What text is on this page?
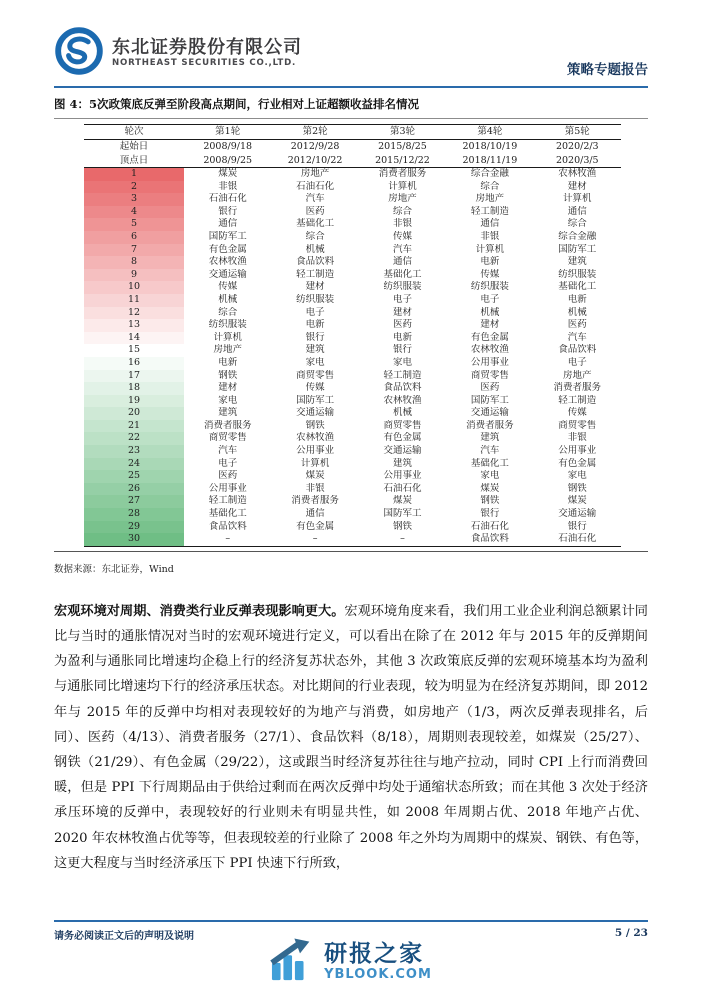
东北证券股份有限公司
NORTHEAST SECURITIES CO.,LTD.	策略专题报告
图 4：5次政策底反弹至阶段高点期间，行业相对上证超额收益排名情况
轮次	第1轮	第2轮	第3轮	第4轮	第5轮
起始日	2008/9/18	2012/9/28	2015/8/25	2018/10/19	2020/2/3
顶点日	2008/9/25	2012/10/22	2015/12/22	2018/11/19	2020/3/5
1	煤炭	房地产	消费者服务	综合金融	农林牧渔
2	非银	石油石化	计算机	综合	建材
3	石油石化	汽车	房地产	房地产	计算机
4	银行	医药	综合	轻工制造	通信
5	通信	基础化工	非银	通信	综合
6	国防军工	综合	传媒	非银	综合金融
7	有色金属	机械	汽车	计算机	国防军工
8	农林牧渔	食品饮料	通信	电新	建筑
9	交通运输	轻工制造	基础化工	传媒	纺织服装
10	传媒	建材	纺织服装	纺织服装	基础化工
11	机械	纺织服装	电子	电子	电新
12	综合	电子	建材	机械	机械
13	纺织服装	电新	医药	建材	医药
14	计算机	银行	电新	有色金属	汽车
15	房地产	建筑	银行	农林牧渔	食品饮料
16	电新	家电	家电	公用事业	电子
17	钢铁	商贸零售	轻工制造	商贸零售	房地产
18	建材	传媒	食品饮料	医药	消费者服务
19	家电	国防军工	农林牧渔	国防军工	轻工制造
20	建筑	交通运输	机械	交通运输	传媒
21	消费者服务	钢铁	商贸零售	消费者服务	商贸零售
22	商贸零售	农林牧渔	有色金属	建筑	非银
23	汽车	公用事业	交通运输	汽车	公用事业
24	电子	计算机	建筑	基础化工	有色金属
25	医药	煤炭	公用事业	家电	家电
26	公用事业	非银	石油石化	煤炭	钢铁
27	轻工制造	消费者服务	煤炭	钢铁	煤炭
28	基础化工	通信	国防军工	银行	交通运输
29	食品饮料	有色金属	钢铁	石油石化	银行
30	–	–	–	食品饮料	石油石化
数据来源：东北证券，Wind

宏观环境对周期、消费类行业反弹表现影响更大。宏观环境角度来看，我们用工业企业利润总额累计同比与当时的通胀情况对当时的宏观环境进行定义，可以看出在除了在 2012 年与 2015 年的反弹期间为盈利与通胀同比增速均企稳上行的经济复苏状态外，其他 3 次政策底反弹的宏观环境基本均为盈利与通胀同比增速均下行的经济承压状态。对比期间的行业表现，较为明显为在经济复苏期间，即 2012 年与 2015 年的反弹中均相对表现较好的为地产与消费，如房地产（1/3，两次反弹表现排名，后同）、医药（4/13）、消费者服务（27/1）、食品饮料（8/18），周期则表现较差，如煤炭（25/27）、钢铁（21/29）、有色金属（29/22），这或跟当时经济复苏往往与地产拉动，同时 CPI 上行而消费回暖，但是 PPI 下行周期品由于供给过剩而在两次反弹中均处于通缩状态所致；而在其他 3 次处于经济承压环境的反弹中，表现较好的行业则未有明显共性，如 2008 年周期占优、2018 年地产占优、2020 年农林牧渔占优等等，但表现较差的行业除了 2008 年之外均为周期中的煤炭、钢铁、有色等，这更大程度与当时经济承压下 PPI 快速下行所致，

请务必阅读正文后的声明及说明	5 / 23
研报之家
YBLOOK.COM
